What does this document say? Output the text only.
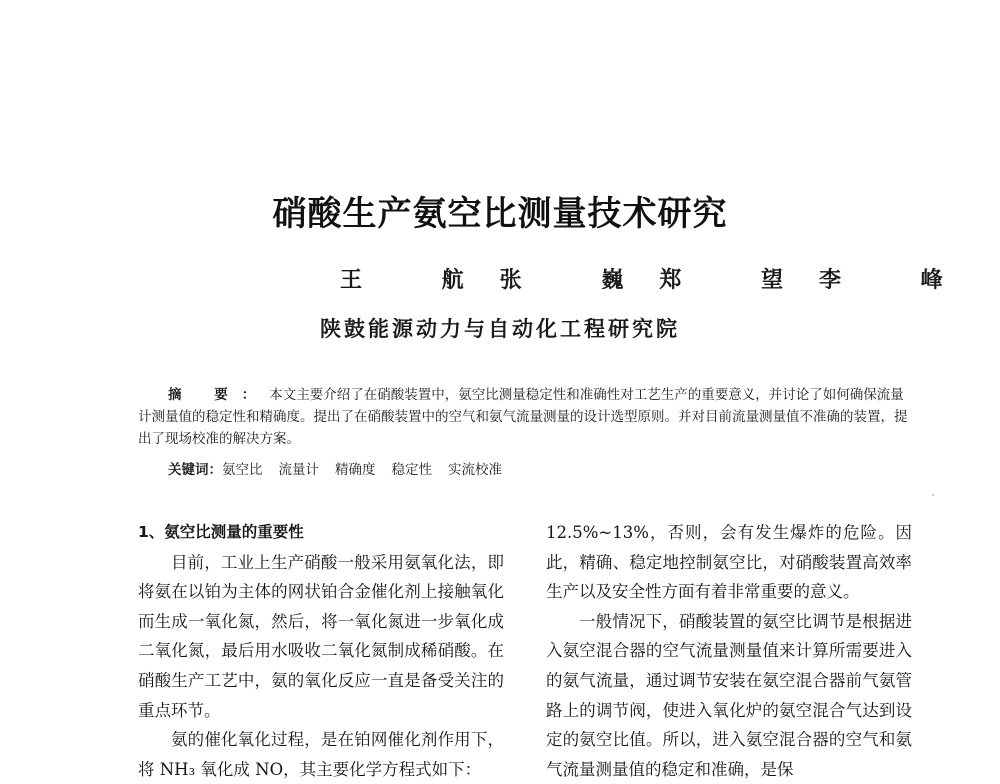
硝酸生产氨空比测量技术研究
王 航 张 巍 郑 望 李 峰
陕鼓能源动力与自动化工程研究院
摘 要：本文主要介绍了在硝酸装置中，氨空比测量稳定性和准确性对工艺生产的重要意义，并讨论了如何确保流量计测量值的稳定性和精确度。提出了在硝酸装置中的空气和氨气流量测量的设计选型原则。并对目前流量测量值不准确的装置，提出了现场校准的解决方案。
关键词： 氨空比 流量计 精确度 稳定性 实流校准

1、氨空比测量的重要性

目前，工业上生产硝酸一般采用氨氧化法，即将氨在以铂为主体的网状铂合金催化剂上接触氧化而生成一氧化氮，然后，将一氧化氮进一步氧化成二氧化氮，最后用水吸收二氧化氮制成稀硝酸。在硝酸生产工艺中，氨的氧化反应一直是备受关注的重点环节。

氨的催化氧化过程，是在铂网催化剂作用下，将 NH₃ 氧化成 NO，其主要化学方程式如下：

12.5%~13%，否则，会有发生爆炸的危险。因此，精确、稳定地控制氨空比，对硝酸装置高效率生产以及安全性方面有着非常重要的意义。

一般情况下，硝酸装置的氨空比调节是根据进入氨空混合器的空气流量测量值来计算所需要进入的氨气流量，通过调节安装在氨空混合器前气氨管路上的调节阀，使进入氧化炉的氨空混合气达到设定的氨空比值。所以，进入氨空混合器的空气和氨气流量测量值的稳定和准确，是保
